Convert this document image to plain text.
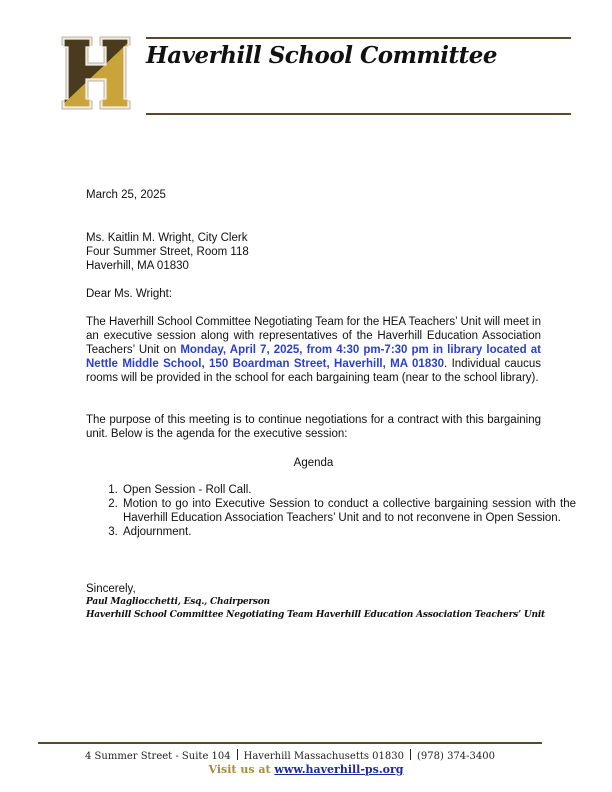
Haverhill School Committee
March 25, 2025
Ms. Kaitlin M. Wright, City Clerk
Four Summer Street, Room 118
Haverhill, MA 01830
Dear Ms. Wright:
The Haverhill School Committee Negotiating Team for the HEA Teachers’ Unit will meet in an executive session along with representatives of the Haverhill Education Association Teachers’ Unit on Monday, April 7, 2025, from 4:30 pm-7:30 pm in library located at Nettle Middle School, 150 Boardman Street, Haverhill, MA 01830. Individual caucus rooms will be provided in the school for each bargaining team (near to the school library).
The purpose of this meeting is to continue negotiations for a contract with this bargaining unit. Below is the agenda for the executive session:
Agenda
1. Open Session - Roll Call.
2. Motion to go into Executive Session to conduct a collective bargaining session with the Haverhill Education Association Teachers’ Unit and to not reconvene in Open Session.
3. Adjournment.
Sincerely,
Paul Magliocchetti, Esq., Chairperson
Haverhill School Committee Negotiating Team Haverhill Education Association Teachers’ Unit
4 Summer Street - Suite 104 Haverhill Massachusetts 01830 (978) 374-3400
Visit us at www.haverhill-ps.org
